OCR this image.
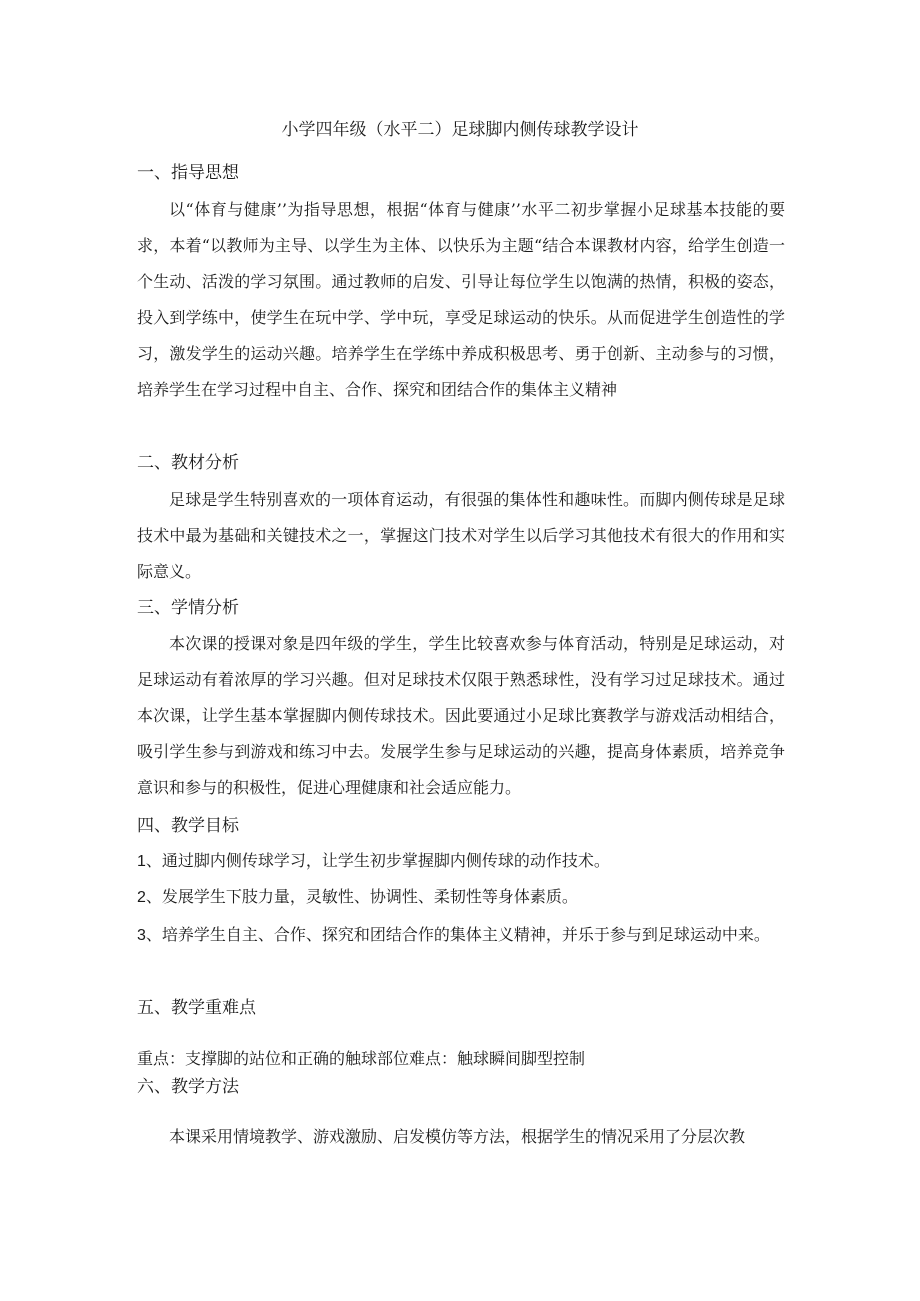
小学四年级（水平二）足球脚内侧传球教学设计
一、指导思想

以“体育与健康’’为指导思想，根据“体育与健康’’水平二初步掌握小足球基本技能的要求，本着“以教师为主导、以学生为主体、以快乐为主题“结合本课教材内容，给学生创造一个生动、活泼的学习氛围。通过教师的启发、引导让每位学生以饱满的热情，积极的姿态，投入到学练中，使学生在玩中学、学中玩，享受足球运动的快乐。从而促进学生创造性的学习，激发学生的运动兴趣。培养学生在学练中养成积极思考、勇于创新、主动参与的习惯，培养学生在学习过程中自主、合作、探究和团结合作的集体主义精神

二、教材分析

足球是学生特别喜欢的一项体育运动，有很强的集体性和趣味性。而脚内侧传球是足球技术中最为基础和关键技术之一，掌握这门技术对学生以后学习其他技术有很大的作用和实际意义。

三、学情分析

本次课的授课对象是四年级的学生，学生比较喜欢参与体育活动，特别是足球运动，对足球运动有着浓厚的学习兴趣。但对足球技术仅限于熟悉球性，没有学习过足球技术。通过本次课，让学生基本掌握脚内侧传球技术。因此要通过小足球比赛教学与游戏活动相结合，吸引学生参与到游戏和练习中去。发展学生参与足球运动的兴趣，提高身体素质，培养竞争意识和参与的积极性，促进心理健康和社会适应能力。

四、教学目标

1、通过脚内侧传球学习，让学生初步掌握脚内侧传球的动作技术。

2、发展学生下肢力量，灵敏性、协调性、柔韧性等身体素质。

3、培养学生自主、合作、探究和团结合作的集体主义精神，并乐于参与到足球运动中来。

五、教学重难点

重点：支撑脚的站位和正确的触球部位难点：触球瞬间脚型控制

六、教学方法

本课采用情境教学、游戏激励、启发模仿等方法，根据学生的情况采用了分层次教
